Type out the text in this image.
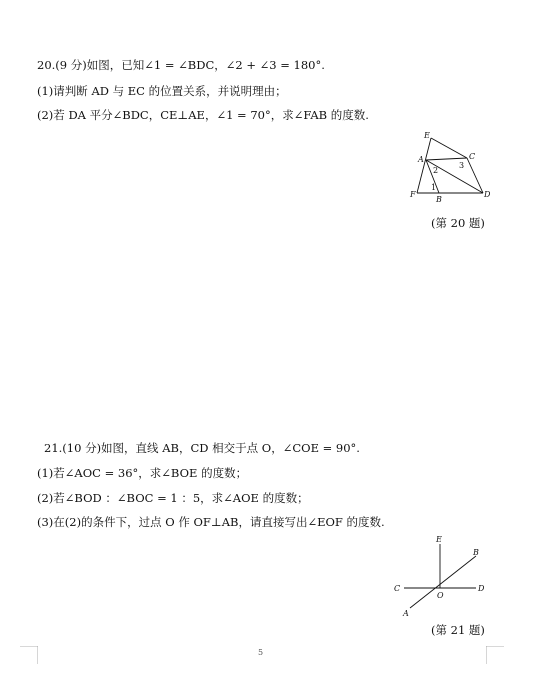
20.(9 分)如图，已知∠1 = ∠BDC，∠2 + ∠3 = 180°.
(1)请判断 AD 与 EC 的位置关系，并说明理由；
(2)若 DA 平分∠BDC，CE⊥AE，∠1 = 70°，求∠FAB 的度数.
E
A	C
F
B
D
1
2
3
(第 20 题)
21.(10 分)如图，直线 AB，CD 相交于点 O，∠COE = 90°.
(1)若∠AOC = 36°，求∠BOE 的度数；
(2)若∠BOD ：∠BOC = 1 ：5，求∠AOE 的度数；
(3)在(2)的条件下，过点 O 作 OF⊥AB，请直接写出∠EOF 的度数.
E
B
C
O
D
A
(第 21 题)
5
